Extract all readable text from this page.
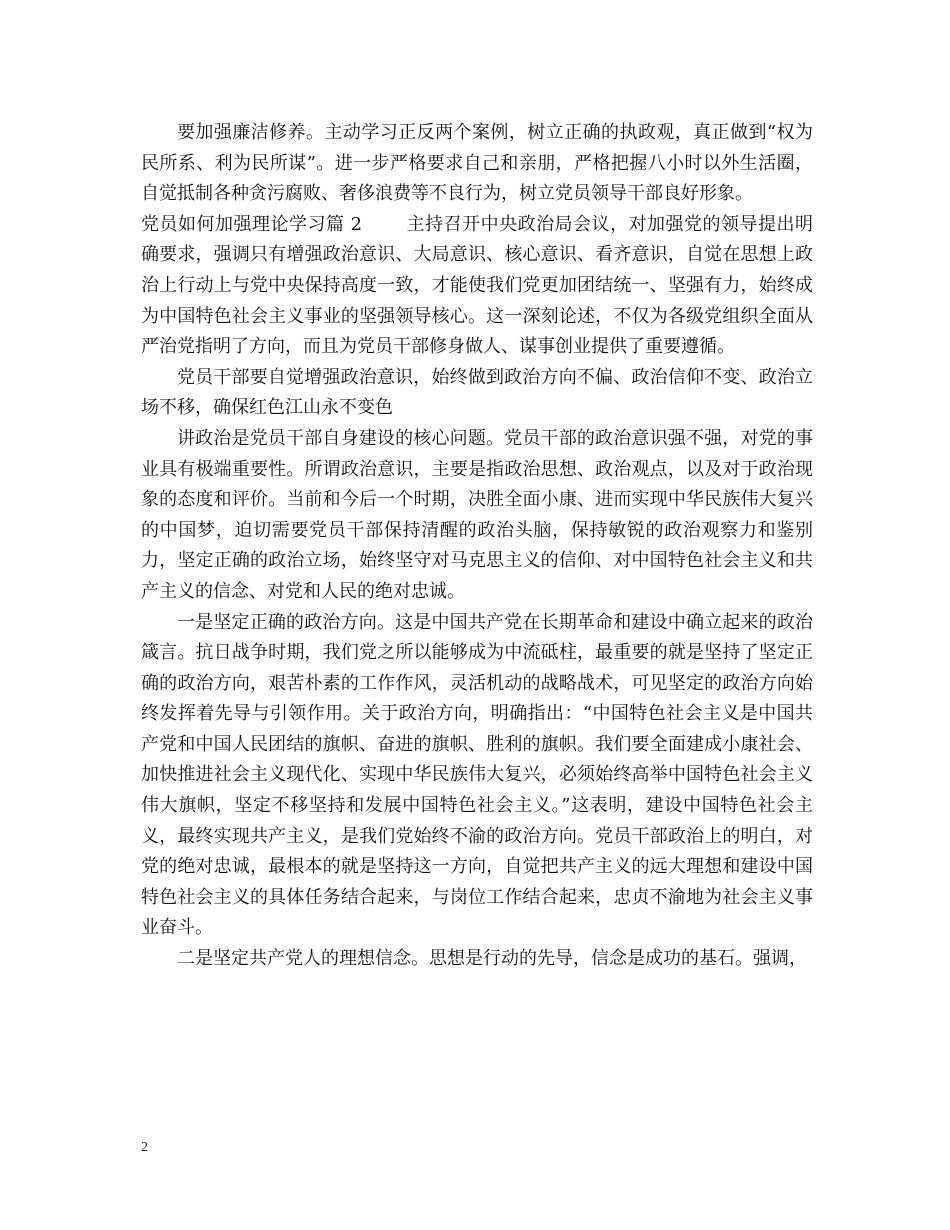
要加强廉洁修养。主动学习正反两个案例，树立正确的执政观，真正做到“权为民所系、利为民所谋”。进一步严格要求自己和亲朋，严格把握八小时以外生活圈，自觉抵制各种贪污腐败、奢侈浪费等不良行为，树立党员领导干部良好形象。

党员如何加强理论学习篇 2 主持召开中央政治局会议，对加强党的领导提出明确要求，强调只有增强政治意识、大局意识、核心意识、看齐意识，自觉在思想上政治上行动上与党中央保持高度一致，才能使我们党更加团结统一、坚强有力，始终成为中国特色社会主义事业的坚强领导核心。这一深刻论述，不仅为各级党组织全面从严治党指明了方向，而且为党员干部修身做人、谋事创业提供了重要遵循。

党员干部要自觉增强政治意识，始终做到政治方向不偏、政治信仰不变、政治立场不移，确保红色江山永不变色

讲政治是党员干部自身建设的核心问题。党员干部的政治意识强不强，对党的事业具有极端重要性。所谓政治意识，主要是指政治思想、政治观点，以及对于政治现象的态度和评价。当前和今后一个时期，决胜全面小康、进而实现中华民族伟大复兴的中国梦，迫切需要党员干部保持清醒的政治头脑，保持敏锐的政治观察力和鉴别力，坚定正确的政治立场，始终坚守对马克思主义的信仰、对中国特色社会主义和共产主义的信念、对党和人民的绝对忠诚。

一是坚定正确的政治方向。这是中国共产党在长期革命和建设中确立起来的政治箴言。抗日战争时期，我们党之所以能够成为中流砥柱，最重要的就是坚持了坚定正确的政治方向，艰苦朴素的工作作风，灵活机动的战略战术，可见坚定的政治方向始终发挥着先导与引领作用。关于政治方向，明确指出：“中国特色社会主义是中国共产党和中国人民团结的旗帜、奋进的旗帜、胜利的旗帜。我们要全面建成小康社会、加快推进社会主义现代化、实现中华民族伟大复兴，必须始终高举中国特色社会主义伟大旗帜，坚定不移坚持和发展中国特色社会主义。”这表明，建设中国特色社会主义，最终实现共产主义，是我们党始终不渝的政治方向。党员干部政治上的明白，对党的绝对忠诚，最根本的就是坚持这一方向，自觉把共产主义的远大理想和建设中国特色社会主义的具体任务结合起来，与岗位工作结合起来，忠贞不渝地为社会主义事业奋斗。

二是坚定共产党人的理想信念。思想是行动的先导，信念是成功的基石。强调，

2
